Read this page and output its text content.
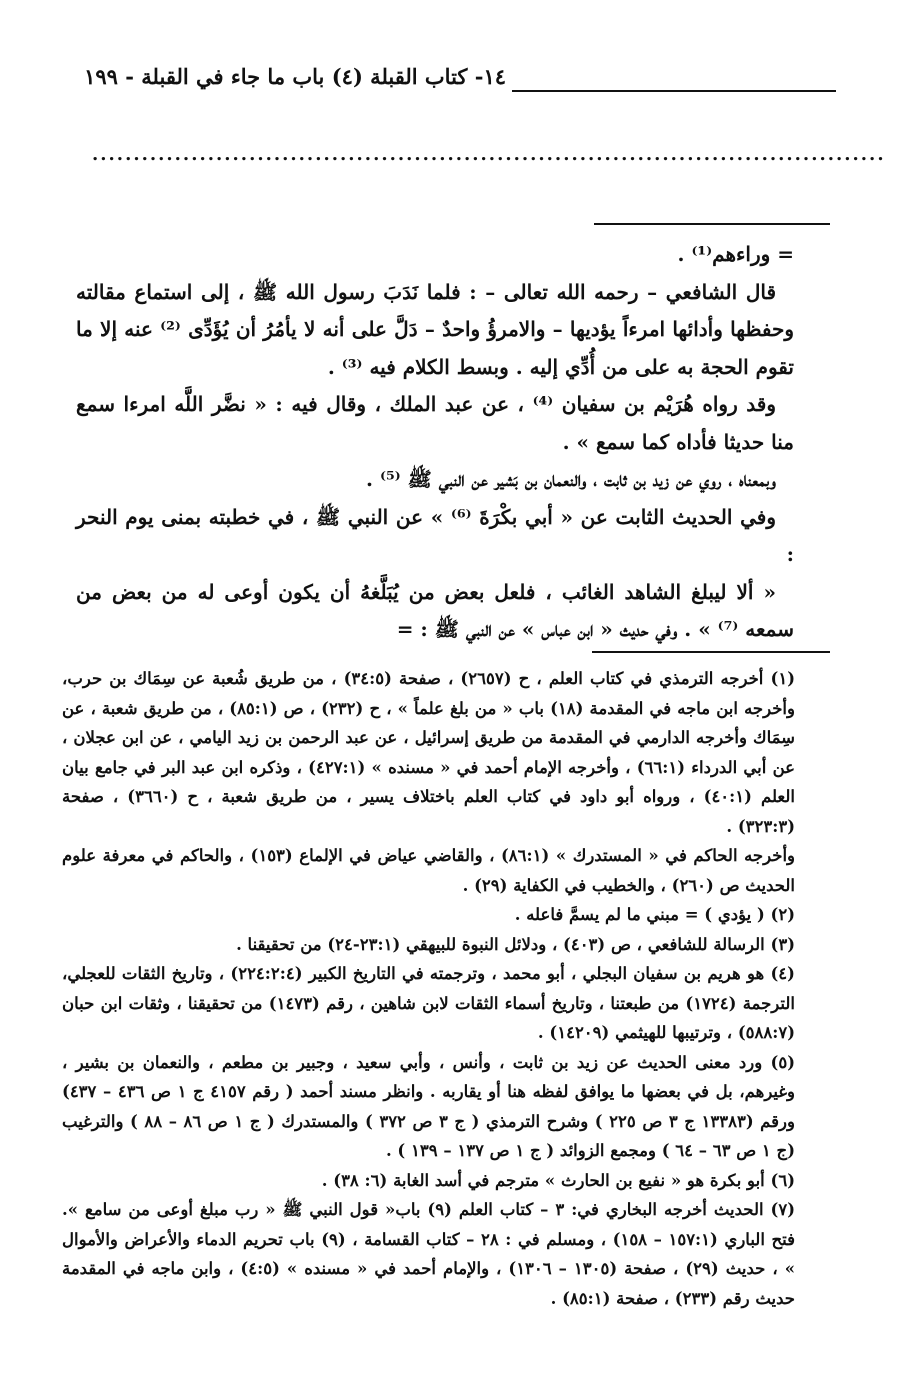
١٤- كتاب القبلة (٤) باب ما جاء في القبلة - ١٩٩
................................................................................................

= وراءهم⁽¹⁾ .

قال الشافعي – رحمه الله تعالى – : فلما نَدَبَ رسول الله ﷺ ، إلى استماع مقالته وحفظها وأدائها امرءاً يؤديها – والامرؤُ واحدٌ – دَلَّ على أنه لا يأمُرُ أن يُؤَدِّى ⁽²⁾ عنه إلا ما تقوم الحجة به على من أُدِّي إليه . وبسط الكلام فيه ⁽³⁾ .

وقد رواه هُرَيْم بن سفيان ⁽⁴⁾ ، عن عبد الملك ، وقال فيه : « نضَّر اللَّه امرءا سمع منا حديثا فأداه كما سمع » .

وبمعناه ، روي عن زيد بن ثابت ، والنعمان بن بَشير عن النبي ﷺ ⁽⁵⁾ .

وفي الحديث الثابت عن « أبي بكْرَةَ ⁽⁶⁾ » عن النبي ﷺ ، في خطبته بمنى يوم النحر :

« ألا ليبلغ الشاهد الغائب ، فلعل بعض من يُبَلَّغهُ أن يكون أوعى له من بعض من سمعه ⁽⁷⁾ » . وفي حديث « ابن عباس » عن النبي ﷺ : =

(١) أخرجه الترمذي في كتاب العلم ، ح (٢٦٥٧) ، صفحة (٣٤:٥) ، من طريق شُعبة عن سِمَاك بن حرب، وأخرجه ابن ماجه في المقدمة (١٨) باب « من بلغ علماً » ، ح (٢٣٢) ، ص (٨٥:١) ، من طريق شعبة ، عن سِمَاك وأخرجه الدارمي في المقدمة من طريق إسرائيل ، عن عبد الرحمن بن زيد اليامي ، عن ابن عجلان ، عن أبي الدرداء (٦٦:١) ، وأخرجه الإمام أحمد في « مسنده » (٤٢٧:١) ، وذكره ابن عبد البر في جامع بيان العلم (٤٠:١) ، ورواه أبو داود في كتاب العلم باختلاف يسير ، من طريق شعبة ، ح (٣٦٦٠) ، صفحة (٣٢٣:٣) .

وأخرجه الحاكم في « المستدرك » (٨٦:١) ، والقاضي عياض في الإلماع (١٥٣) ، والحاكم في معرفة علوم الحديث ص (٢٦٠) ، والخطيب في الكفاية (٢٩) .

(٢) ( يؤدي ) = مبني ما لم يسمَّ فاعله .

(٣) الرسالة للشافعي ، ص (٤٠٣) ، ودلائل النبوة للبيهقي (٢٣:١-٢٤) من تحقيقنا .

(٤) هو هريم بن سفيان البجلي ، أبو محمد ، وترجمته في التاريخ الكبير (٢٢٤:٢:٤) ، وتاريخ الثقات للعجلي، الترجمة (١٧٢٤) من طبعتنا ، وتاريخ أسماء الثقات لابن شاهين ، رقم (١٤٧٣) من تحقيقنا ، وثقات ابن حبان (٥٨٨:٧) ، وترتيبها للهيثمي (١٤٢٠٩) .

(٥) ورد معنى الحديث عن زيد بن ثابت ، وأنس ، وأبي سعيد ، وجبير بن مطعم ، والنعمان بن بشير ، وغيرهم، بل في بعضها ما يوافق لفظه هنا أو يقاربه . وانظر مسند أحمد ( رقم ٤١٥٧ ج ١ ص ٤٣٦ – ٤٣٧) ورقم (١٣٣٨٣ ج ٣ ص ٢٢٥ ) وشرح الترمذي ( ج ٣ ص ٣٧٢ ) والمستدرك ( ج ١ ص ٨٦ – ٨٨ ) والترغيب (ج ١ ص ٦٣ – ٦٤ ) ومجمع الزوائد ( ج ١ ص ١٣٧ – ١٣٩ ) .

(٦) أبو بكرة هو « نفيع بن الحارث » مترجم في أسد الغابة (٦: ٣٨) .

(٧) الحديث أخرجه البخاري في: ٣ – كتاب العلم (٩) باب« قول النبي ﷺ « رب مبلغ أوعى من سامع ». فتح الباري (١٥٧:١ – ١٥٨) ، ومسلم في : ٢٨ – كتاب القسامة ، (٩) باب تحريم الدماء والأعراض والأموال » ، حديث (٢٩) ، صفحة (١٣٠٥ – ١٣٠٦) ، والإمام أحمد في « مسنده » (٤:٥) ، وابن ماجه في المقدمة حديث رقم (٢٣٣) ، صفحة (٨٥:١) .
